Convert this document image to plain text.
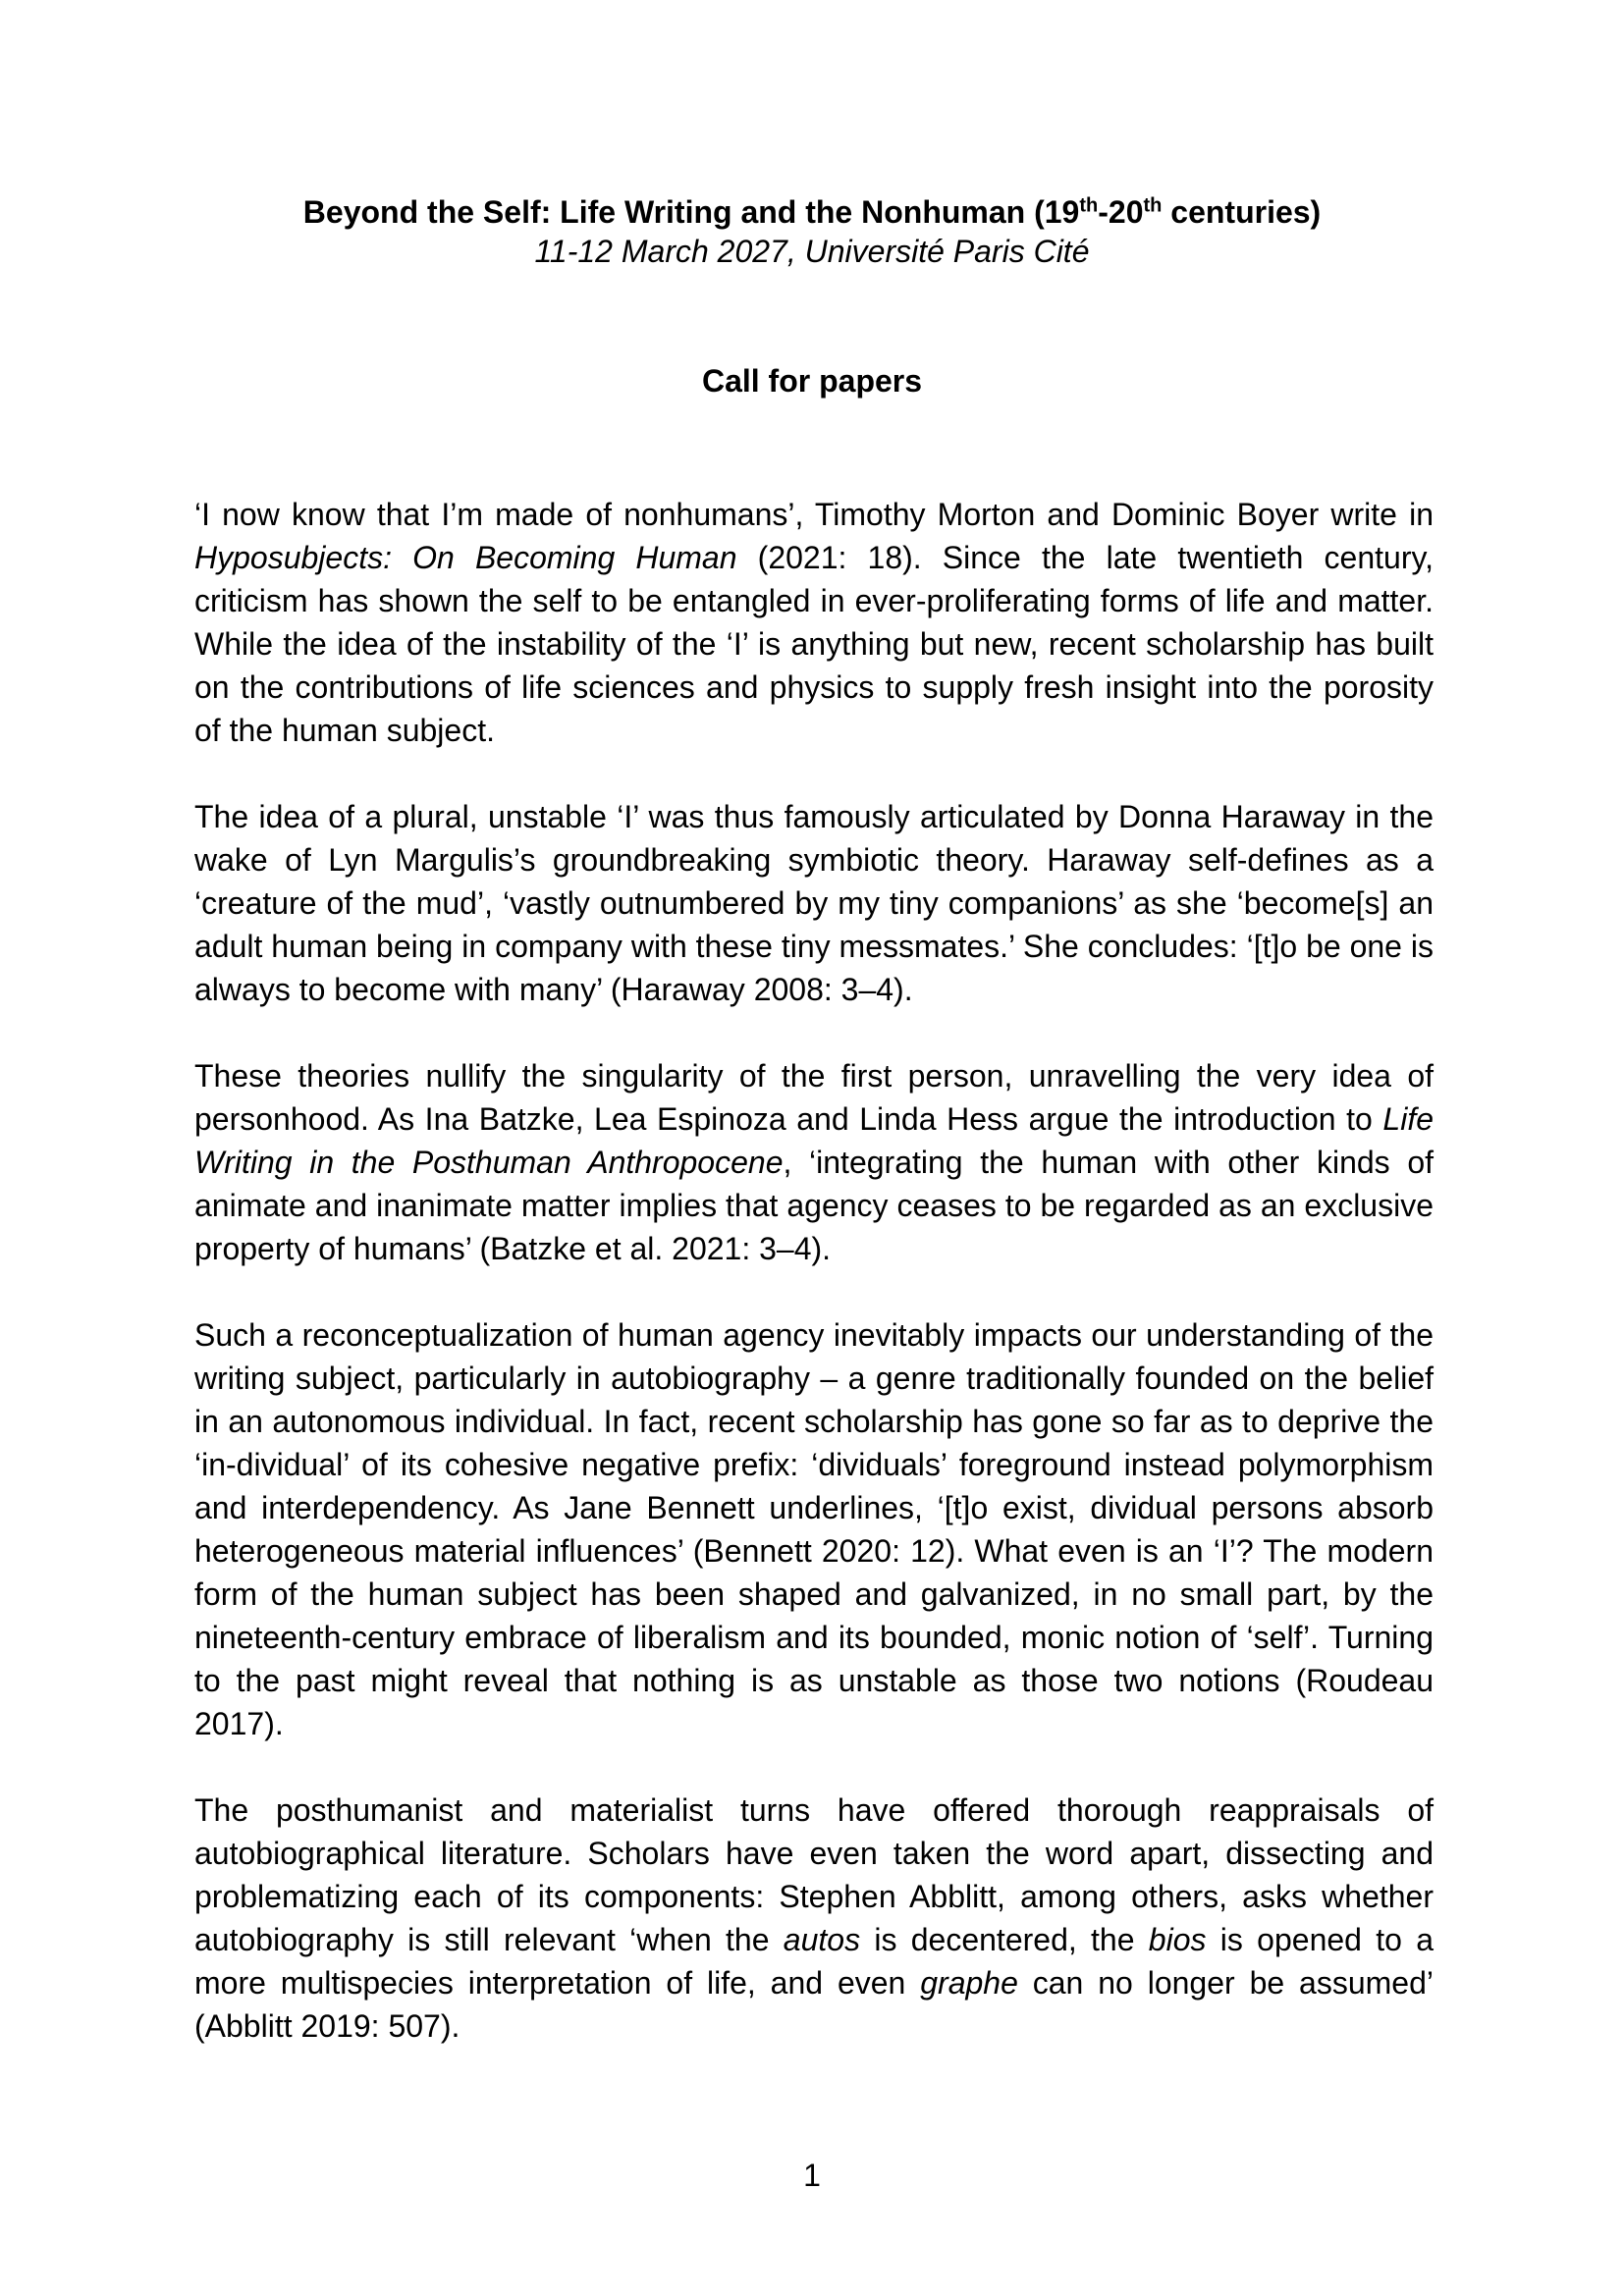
Beyond the Self: Life Writing and the Nonhuman (19th-20th centuries)

11-12 March 2027, Université Paris Cité

Call for papers

‘I now know that I’m made of nonhumans’, Timothy Morton and Dominic Boyer write in Hyposubjects: On Becoming Human (2021: 18). Since the late twentieth century, criticism has shown the self to be entangled in ever-proliferating forms of life and matter. While the idea of the instability of the ‘I’ is anything but new, recent scholarship has built on the contributions of life sciences and physics to supply fresh insight into the porosity of the human subject.

The idea of a plural, unstable ‘I’ was thus famously articulated by Donna Haraway in the wake of Lyn Margulis’s groundbreaking symbiotic theory. Haraway self-defines as a ‘creature of the mud’, ‘vastly outnumbered by my tiny companions’ as she ‘become[s] an adult human being in company with these tiny messmates.’ She concludes: ‘[t]o be one is always to become with many’ (Haraway 2008: 3–4).

These theories nullify the singularity of the first person, unravelling the very idea of personhood. As Ina Batzke, Lea Espinoza and Linda Hess argue the introduction to Life Writing in the Posthuman Anthropocene, ‘integrating the human with other kinds of animate and inanimate matter implies that agency ceases to be regarded as an exclusive property of humans’ (Batzke et al. 2021: 3–4).

Such a reconceptualization of human agency inevitably impacts our understanding of the writing subject, particularly in autobiography – a genre traditionally founded on the belief in an autonomous individual. In fact, recent scholarship has gone so far as to deprive the ‘in-dividual’ of its cohesive negative prefix: ‘dividuals’ foreground instead polymorphism and interdependency. As Jane Bennett underlines, ‘[t]o exist, dividual persons absorb heterogeneous material influences’ (Bennett 2020: 12). What even is an ‘I’? The modern form of the human subject has been shaped and galvanized, in no small part, by the nineteenth-century embrace of liberalism and its bounded, monic notion of ‘self’. Turning to the past might reveal that nothing is as unstable as those two notions (Roudeau 2017).

The posthumanist and materialist turns have offered thorough reappraisals of autobiographical literature. Scholars have even taken the word apart, dissecting and problematizing each of its components: Stephen Abblitt, among others, asks whether autobiography is still relevant ‘when the autos is decentered, the bios is opened to a more multispecies interpretation of life, and even graphe can no longer be assumed’ (Abblitt 2019: 507).

1
